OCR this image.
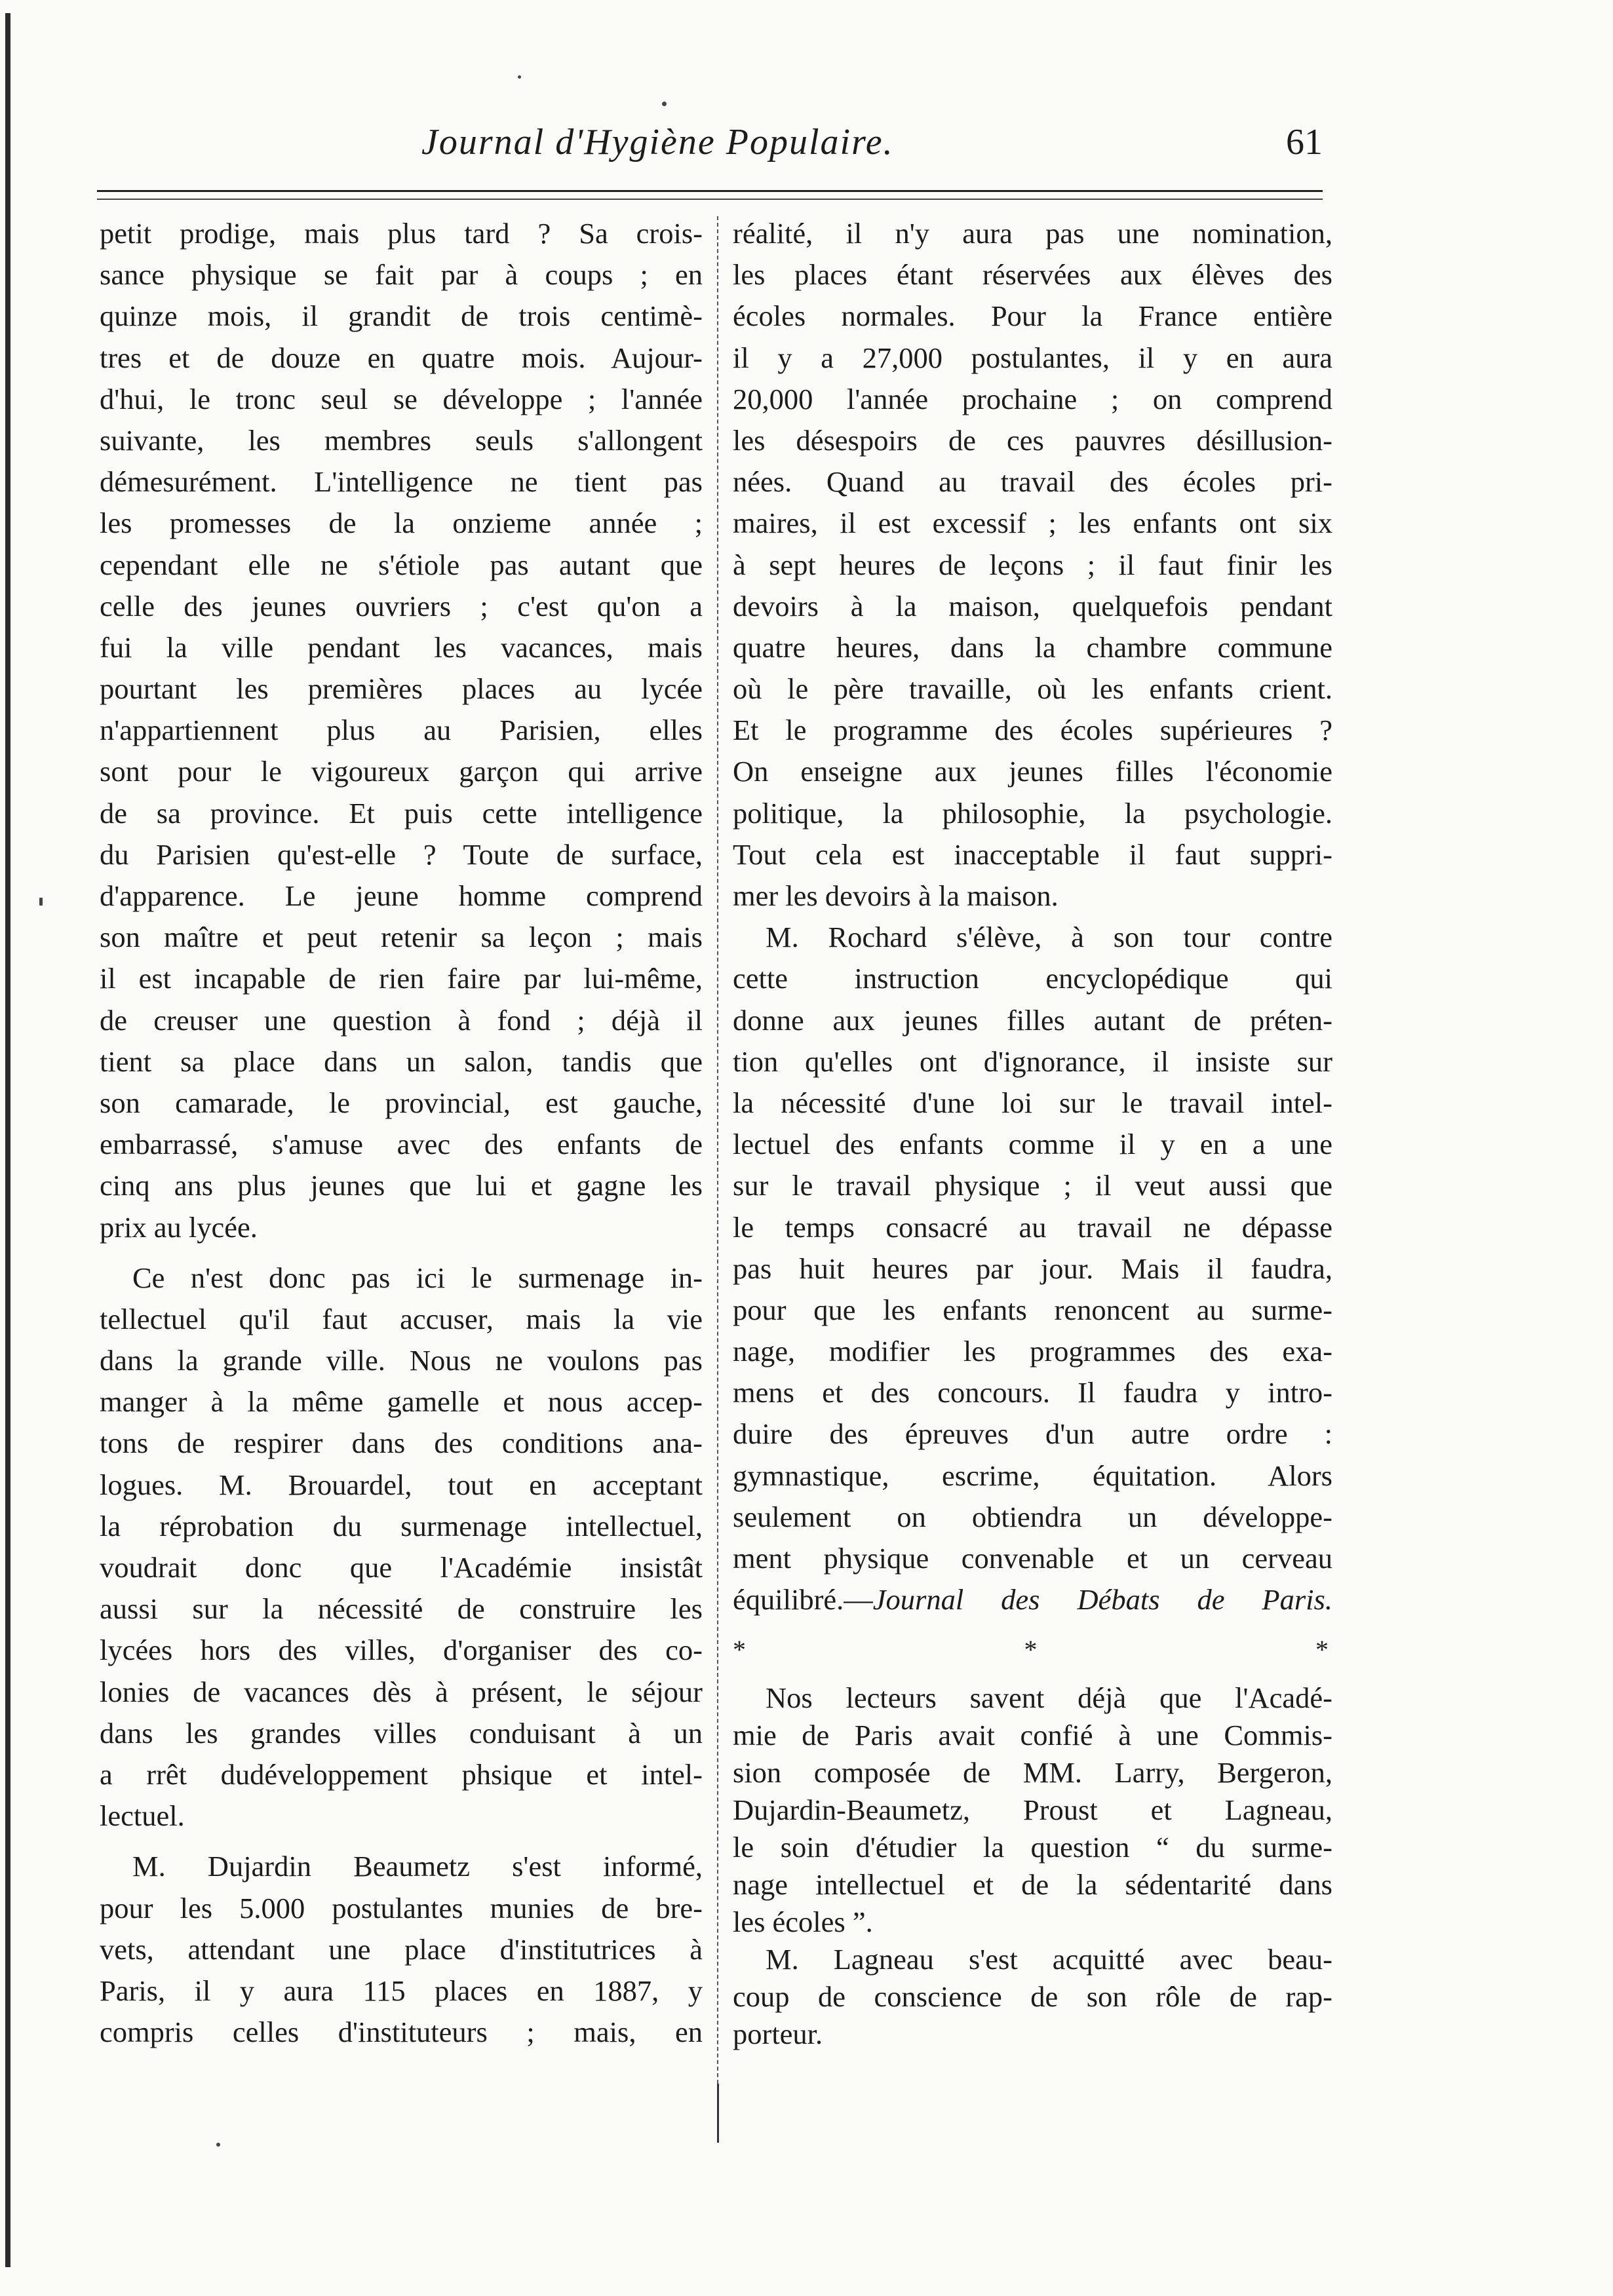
Journal d'Hygiène Populaire.	61
petit prodige, mais plus tard ? Sa crois-
sance physique se fait par à coups ; en
quinze mois, il grandit de trois centimè-
tres et de douze en quatre mois. Aujour-
d'hui, le tronc seul se développe ; l'année
suivante, les membres seuls s'allongent
démesurément. L'intelligence ne tient pas
les promesses de la onzieme année ;
cependant elle ne s'étiole pas autant que
celle des jeunes ouvriers ; c'est qu'on a
fui la ville pendant les vacances, mais
pourtant les premières places au lycée
n'appartiennent plus au Parisien, elles
sont pour le vigoureux garçon qui arrive
de sa province. Et puis cette intelligence
du Parisien qu'est-elle ? Toute de surface,
d'apparence. Le jeune homme comprend
son maître et peut retenir sa leçon ; mais
il est incapable de rien faire par lui-même,
de creuser une question à fond ; déjà il
tient sa place dans un salon, tandis que
son camarade, le provincial, est gauche,
embarrassé, s'amuse avec des enfants de
cinq ans plus jeunes que lui et gagne les
prix au lycée.
Ce n'est donc pas ici le surmenage in-
tellectuel qu'il faut accuser, mais la vie
dans la grande ville. Nous ne voulons pas
manger à la même gamelle et nous accep-
tons de respirer dans des conditions ana-
logues. M. Brouardel, tout en acceptant
la réprobation du surmenage intellectuel,
voudrait donc que l'Académie insistât
aussi sur la nécessité de construire les
lycées hors des villes, d'organiser des co-
lonies de vacances dès à présent, le séjour
dans les grandes villes conduisant à un
a rrêt dudéveloppement phsique et intel-
lectuel.
M. Dujardin Beaumetz s'est informé,
pour les 5.000 postulantes munies de bre-
vets, attendant une place d'institutrices à
Paris, il y aura 115 places en 1887, y
compris celles d'instituteurs ; mais, en
réalité, il n'y aura pas une nomination,
les places étant réservées aux élèves des
écoles normales. Pour la France entière
il y a 27,000 postulantes, il y en aura
20,000 l'année prochaine ; on comprend
les désespoirs de ces pauvres désillusion-
nées. Quand au travail des écoles pri-
maires, il est excessif ; les enfants ont six
à sept heures de leçons ; il faut finir les
devoirs à la maison, quelquefois pendant
quatre heures, dans la chambre commune
où le père travaille, où les enfants crient.
Et le programme des écoles supérieures ?
On enseigne aux jeunes filles l'économie
politique, la philosophie, la psychologie.
Tout cela est inacceptable il faut suppri-
mer les devoirs à la maison.
M. Rochard s'élève, à son tour contre
cette instruction encyclopédique qui
donne aux jeunes filles autant de préten-
tion qu'elles ont d'ignorance, il insiste sur
la nécessité d'une loi sur le travail intel-
lectuel des enfants comme il y en a une
sur le travail physique ; il veut aussi que
le temps consacré au travail ne dépasse
pas huit heures par jour. Mais il faudra,
pour que les enfants renoncent au surme-
nage, modifier les programmes des exa-
mens et des concours. Il faudra y intro-
duire des épreuves d'un autre ordre :
gymnastique, escrime, équitation. Alors
seulement on obtiendra un développe-
ment physique convenable et un cerveau
équilibré.—Journal des Débats de Paris.
* * *
Nos lecteurs savent déjà que l'Acadé-
mie de Paris avait confié à une Commis-
sion composée de MM. Larry, Bergeron,
Dujardin-Beaumetz, Proust et Lagneau,
le soin d'étudier la question “ du surme-
nage intellectuel et de la sédentarité dans
les écoles ”.
M. Lagneau s'est acquitté avec beau-
coup de conscience de son rôle de rap-
porteur.
